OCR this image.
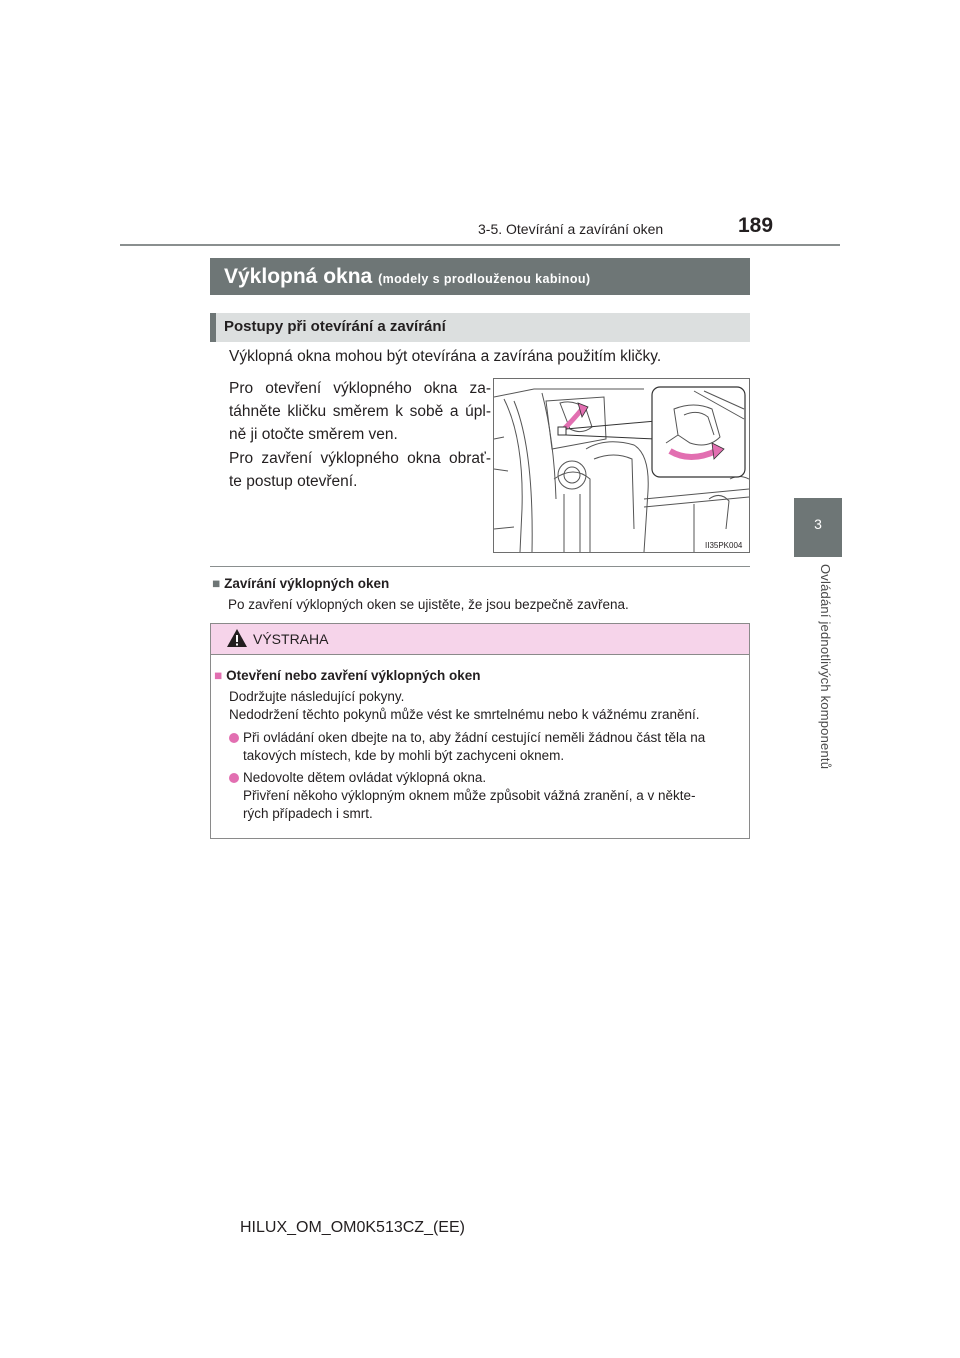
3-5. Otevírání a zavírání oken	189
3
Ovládání jednotlivých komponentů
Výklopná okna (modely s prodlouženou kabinou)
Postupy při otevírání a zavírání
Výklopná okna mohou být otevírána a zavírána použitím kličky.
Pro otevření výklopného okna za-
táhněte kličku směrem k sobě a úpl-
ně ji otočte směrem ven.
Pro zavření výklopného okna obrať-
te postup otevření.
II35PK004
■ Zavírání výklopných oken
Po zavření výklopných oken se ujistěte, že jsou bezpečně zavřena.
VÝSTRAHA
■ Otevření nebo zavření výklopných oken
Dodržujte následující pokyny.
Nedodržení těchto pokynů může vést ke smrtelnému nebo k vážnému zranění.
Při ovládání oken dbejte na to, aby žádní cestující neměli žádnou část těla na
takových místech, kde by mohli být zachyceni oknem.
Nedovolte dětem ovládat výklopná okna.
Přivření někoho výklopným oknem může způsobit vážná zranění, a v někte-
rých případech i smrt.
HILUX_OM_OM0K513CZ_(EE)
